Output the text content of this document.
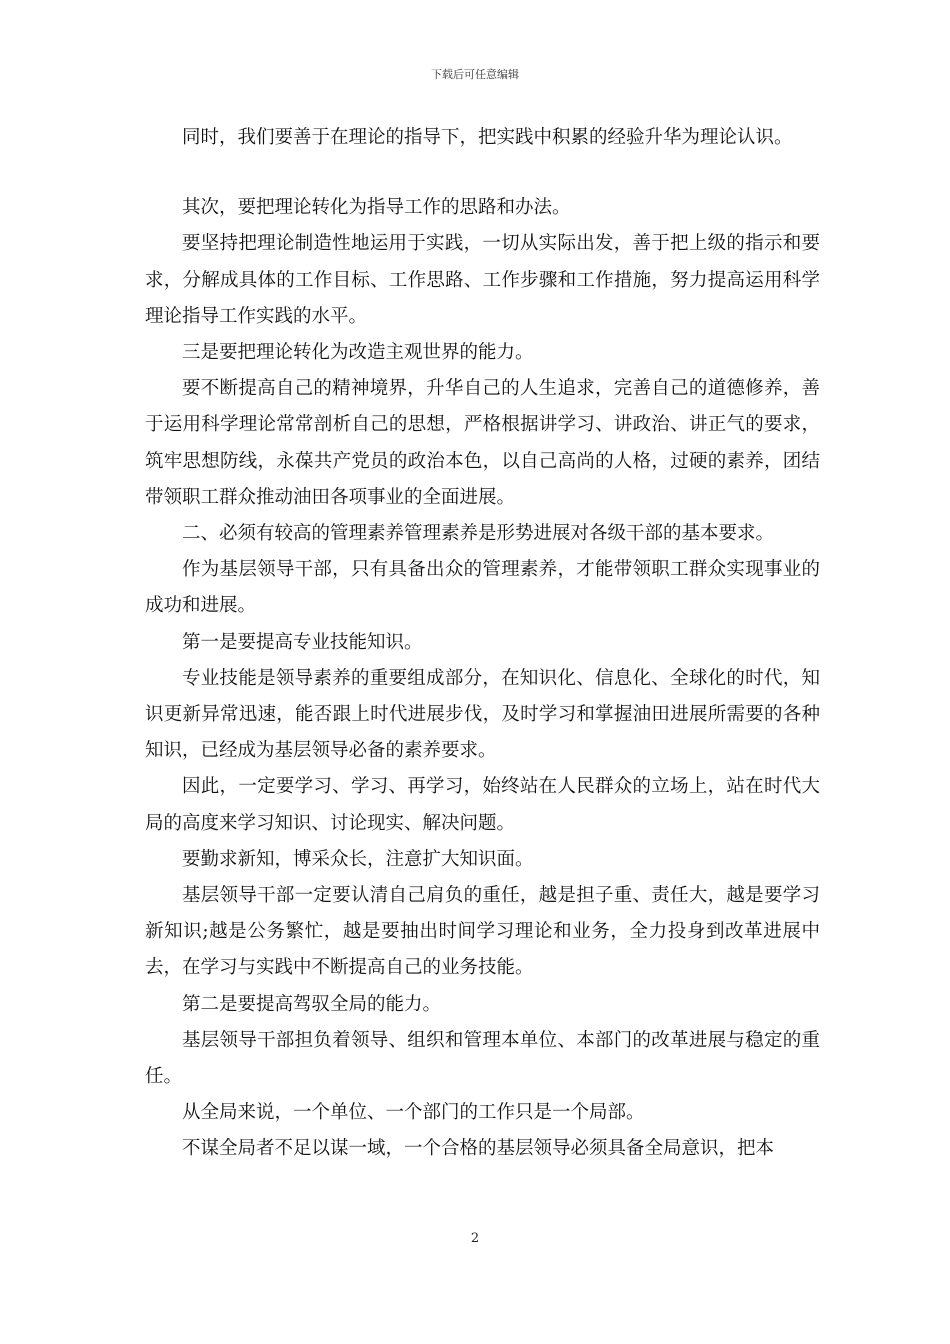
下载后可任意编辑

同时，我们要善于在理论的指导下，把实践中积累的经验升华为理论认识。

其次，要把理论转化为指导工作的思路和办法。

要坚持把理论制造性地运用于实践，一切从实际出发，善于把上级的指示和要求，分解成具体的工作目标、工作思路、工作步骤和工作措施，努力提高运用科学理论指导工作实践的水平。

三是要把理论转化为改造主观世界的能力。

要不断提高自己的精神境界，升华自己的人生追求，完善自己的道德修养，善于运用科学理论常常剖析自己的思想，严格根据讲学习、讲政治、讲正气的要求，筑牢思想防线，永葆共产党员的政治本色，以自己高尚的人格，过硬的素养，团结带领职工群众推动油田各项事业的全面进展。

二、必须有较高的管理素养管理素养是形势进展对各级干部的基本要求。

作为基层领导干部，只有具备出众的管理素养，才能带领职工群众实现事业的成功和进展。

第一是要提高专业技能知识。

专业技能是领导素养的重要组成部分，在知识化、信息化、全球化的时代，知识更新异常迅速，能否跟上时代进展步伐，及时学习和掌握油田进展所需要的各种知识，已经成为基层领导必备的素养要求。

因此，一定要学习、学习、再学习，始终站在人民群众的立场上，站在时代大局的高度来学习知识、讨论现实、解决问题。

要勤求新知，博采众长，注意扩大知识面。

基层领导干部一定要认清自己肩负的重任，越是担子重、责任大，越是要学习新知识;越是公务繁忙，越是要抽出时间学习理论和业务，全力投身到改革进展中去，在学习与实践中不断提高自己的业务技能。

第二是要提高驾驭全局的能力。

基层领导干部担负着领导、组织和管理本单位、本部门的改革进展与稳定的重任。

从全局来说，一个单位、一个部门的工作只是一个局部。

不谋全局者不足以谋一域，一个合格的基层领导必须具备全局意识，把本

2
